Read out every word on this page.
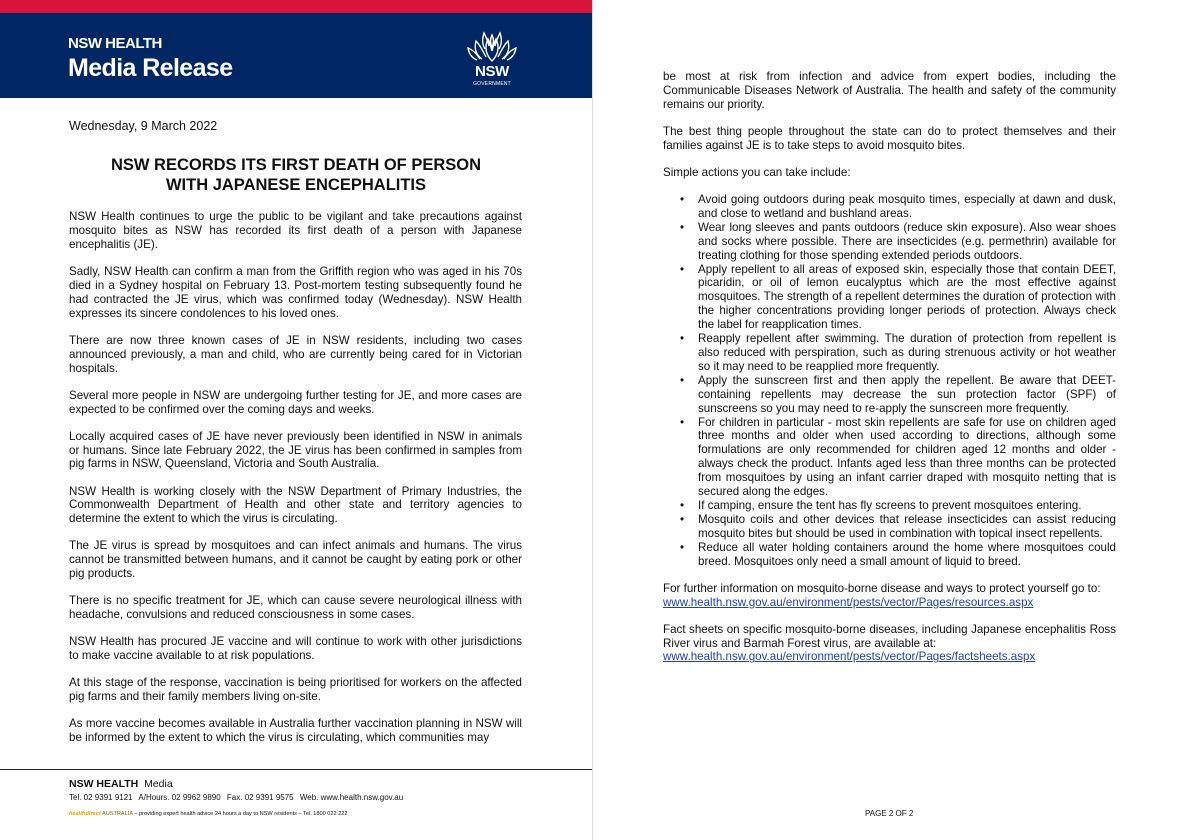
NSW HEALTH
Media Release	NSW
GOVERNMENT
Wednesday, 9 March 2022
NSW RECORDS ITS FIRST DEATH OF PERSON
WITH JAPANESE ENCEPHALITIS

NSW Health continues to urge the public to be vigilant and take precautions against mosquito bites as NSW has recorded its first death of a person with Japanese encephalitis (JE).

Sadly, NSW Health can confirm a man from the Griffith region who was aged in his 70s died in a Sydney hospital on February 13. Post-mortem testing subsequently found he had contracted the JE virus, which was confirmed today (Wednesday). NSW Health expresses its sincere condolences to his loved ones.

There are now three known cases of JE in NSW residents, including two cases announced previously, a man and child, who are currently being cared for in Victorian hospitals.

Several more people in NSW are undergoing further testing for JE, and more cases are expected to be confirmed over the coming days and weeks.

Locally acquired cases of JE have never previously been identified in NSW in animals or humans. Since late February 2022, the JE virus has been confirmed in samples from pig farms in NSW, Queensland, Victoria and South Australia.

NSW Health is working closely with the NSW Department of Primary Industries, the Commonwealth Department of Health and other state and territory agencies to determine the extent to which the virus is circulating.

The JE virus is spread by mosquitoes and can infect animals and humans. The virus cannot be transmitted between humans, and it cannot be caught by eating pork or other pig products.

There is no specific treatment for JE, which can cause severe neurological illness with headache, convulsions and reduced consciousness in some cases.

NSW Health has procured JE vaccine and will continue to work with other jurisdictions to make vaccine available to at risk populations.

At this stage of the response, vaccination is being prioritised for workers on the affected pig farms and their family members living on-site.

As more vaccine becomes available in Australia further vaccination planning in NSW will be informed by the extent to which the virus is circulating, which communities may

NSW HEALTH Media
Tel. 02 9391 9121 A/Hours. 02 9962 9890 Fax. 02 9391 9575 Web. www.health.nsw.gov.au
healthdirect AUSTRALIA – providing expert health advice 24 hours a day to NSW residents – Tel. 1800 022 222

be most at risk from infection and advice from expert bodies, including the Communicable Diseases Network of Australia. The health and safety of the community remains our priority.

The best thing people throughout the state can do to protect themselves and their families against JE is to take steps to avoid mosquito bites.

Simple actions you can take include:

• Avoid going outdoors during peak mosquito times, especially at dawn and dusk, and close to wetland and bushland areas.
• Wear long sleeves and pants outdoors (reduce skin exposure). Also wear shoes and socks where possible. There are insecticides (e.g. permethrin) available for treating clothing for those spending extended periods outdoors.
• Apply repellent to all areas of exposed skin, especially those that contain DEET, picaridin, or oil of lemon eucalyptus which are the most effective against mosquitoes. The strength of a repellent determines the duration of protection with the higher concentrations providing longer periods of protection. Always check the label for reapplication times.
• Reapply repellent after swimming. The duration of protection from repellent is also reduced with perspiration, such as during strenuous activity or hot weather so it may need to be reapplied more frequently.
• Apply the sunscreen first and then apply the repellent. Be aware that DEET-containing repellents may decrease the sun protection factor (SPF) of sunscreens so you may need to re-apply the sunscreen more frequently.
• For children in particular - most skin repellents are safe for use on children aged three months and older when used according to directions, although some formulations are only recommended for children aged 12 months and older - always check the product. Infants aged less than three months can be protected from mosquitoes by using an infant carrier draped with mosquito netting that is secured along the edges.
• If camping, ensure the tent has fly screens to prevent mosquitoes entering.
• Mosquito coils and other devices that release insecticides can assist reducing mosquito bites but should be used in combination with topical insect repellents.
• Reduce all water holding containers around the home where mosquitoes could breed. Mosquitoes only need a small amount of liquid to breed.
For further information on mosquito-borne disease and ways to protect yourself go to:
www.health.nsw.gov.au/environment/pests/vector/Pages/resources.aspx
Fact sheets on specific mosquito-borne diseases, including Japanese encephalitis Ross River virus and Barmah Forest virus, are available at:
www.health.nsw.gov.au/environment/pests/vector/Pages/factsheets.aspx
PAGE 2 OF 2
